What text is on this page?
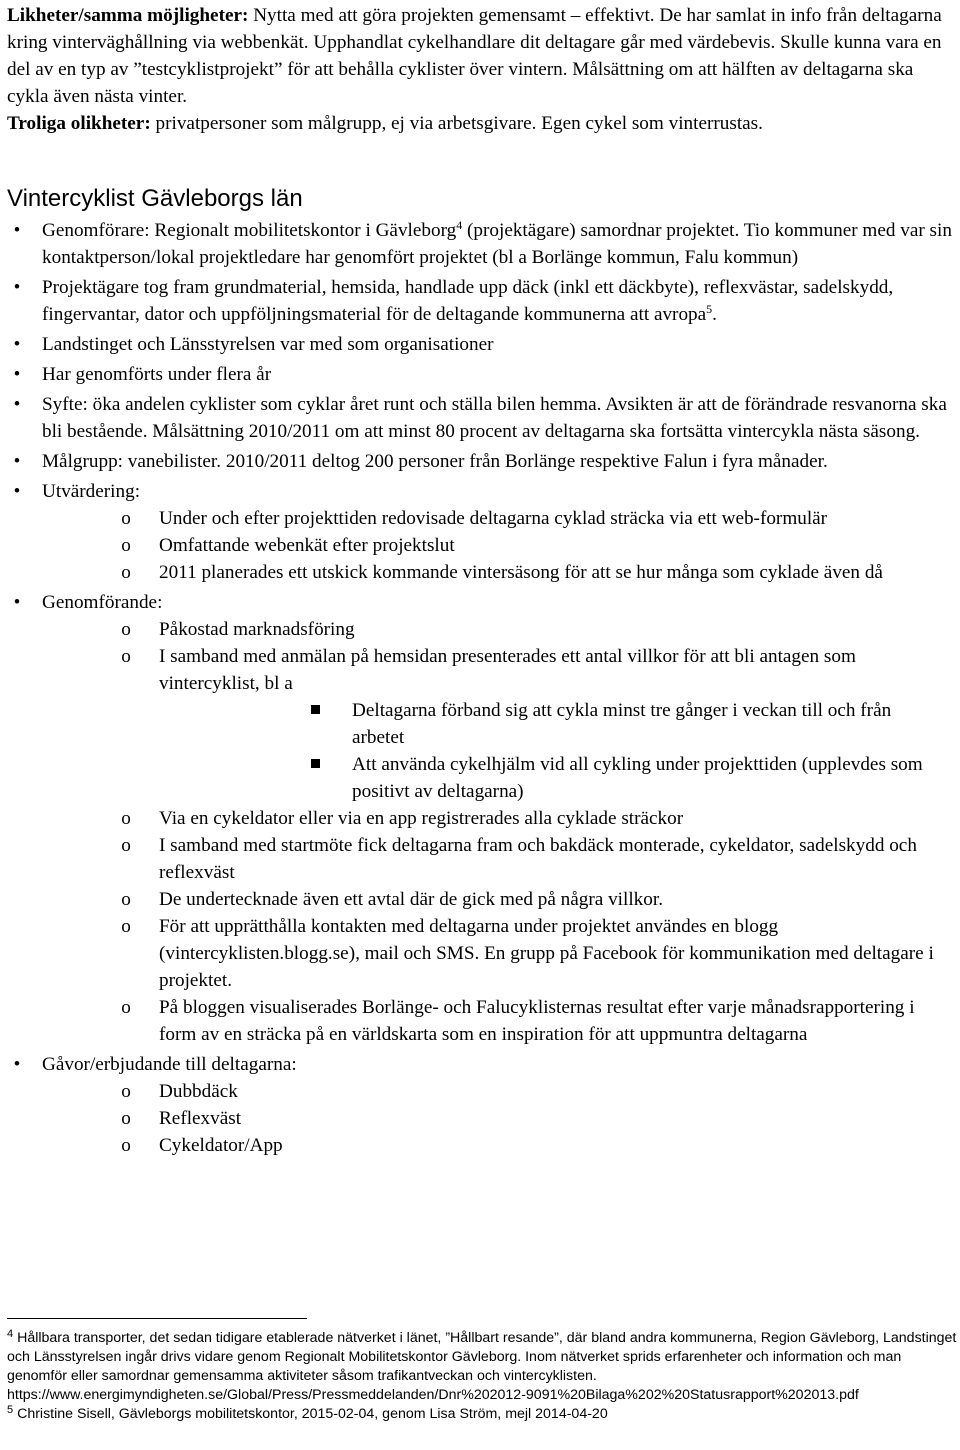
Likheter/samma möjligheter: Nytta med att göra projekten gemensamt – effektivt. De har samlat in info från deltagarna kring vinterväghållning via webbenkät. Upphandlat cykelhandlare dit deltagare går med värdebevis. Skulle kunna vara en del av en typ av ”testcyklistprojekt” för att behålla cyklister över vintern. Målsättning om att hälften av deltagarna ska cykla även nästa vinter.

Troliga olikheter: privatpersoner som målgrupp, ej via arbetsgivare. Egen cykel som vinterrustas.

Vintercyklist Gävleborgs län
•	Genomförare: Regionalt mobilitetskontor i Gävleborg$^4$ (projektägare) samordnar projektet. Tio kommuner med var sin kontaktperson/lokal projektledare har genomfört projektet (bl a Borlänge kommun, Falu kommun)
•	Projektägare tog fram grundmaterial, hemsida, handlade upp däck (inkl ett däckbyte), reflexvästar, sadelskydd, fingervantar, dator och uppföljningsmaterial för de deltagande kommunerna att avropa$^5$.
•	Landstinget och Länsstyrelsen var med som organisationer
•	Har genomförts under flera år
•	Syfte: öka andelen cyklister som cyklar året runt och ställa bilen hemma. Avsikten är att de förändrade resvanorna ska bli bestående. Målsättning 2010/2011 om att minst 80 procent av deltagarna ska fortsätta vintercykla nästa säsong.
•	Målgrupp: vanebilister. 2010/2011 deltog 200 personer från Borlänge respektive Falun i fyra månader.
•	Utvärdering:
o	Under och efter projekttiden redovisade deltagarna cyklad sträcka via ett web-formulär
o	Omfattande webenkät efter projektslut
o	2011 planerades ett utskick kommande vintersäsong för att se hur många som cyklade även då
•	Genomförande:
o	Påkostad marknadsföring
o	I samband med anmälan på hemsidan presenterades ett antal villkor för att bli antagen som vintercyklist, bl a
Deltagarna förband sig att cykla minst tre gånger i veckan till och från arbetet
Att använda cykelhjälm vid all cykling under projekttiden (upplevdes som positivt av deltagarna)
o	Via en cykeldator eller via en app registrerades alla cyklade sträckor
o	I samband med startmöte fick deltagarna fram och bakdäck monterade, cykeldator, sadelskydd och reflexväst
o	De undertecknade även ett avtal där de gick med på några villkor.
o	För att upprätthålla kontakten med deltagarna under projektet användes en blogg (vintercyklisten.blogg.se), mail och SMS. En grupp på Facebook för kommunikation med deltagare i projektet.
o	På bloggen visualiserades Borlänge- och Falucyklisternas resultat efter varje månadsrapportering i form av en sträcka på en världskarta som en inspiration för att uppmuntra deltagarna
•	Gåvor/erbjudande till deltagarna:
o	Dubbdäck
o	Reflexväst
o	Cykeldator/App

$^4$ Hållbara transporter, det sedan tidigare etablerade nätverket i länet, ”Hållbart resande”, där bland andra kommunerna, Region Gävleborg, Landstinget och Länsstyrelsen ingår drivs vidare genom Regionalt Mobilitetskontor Gävleborg. Inom nätverket sprids erfarenheter och information och man genomför eller samordnar gemensamma aktiviteter såsom trafikantveckan och vintercyklisten. https://www.energimyndigheten.se/Global/Press/Pressmeddelanden/Dnr%202012-9091%20Bilaga%202%20Statusrapport%202013.pdf

$^5$ Christine Sisell, Gävleborgs mobilitetskontor, 2015-02-04, genom Lisa Ström, mejl 2014-04-20
